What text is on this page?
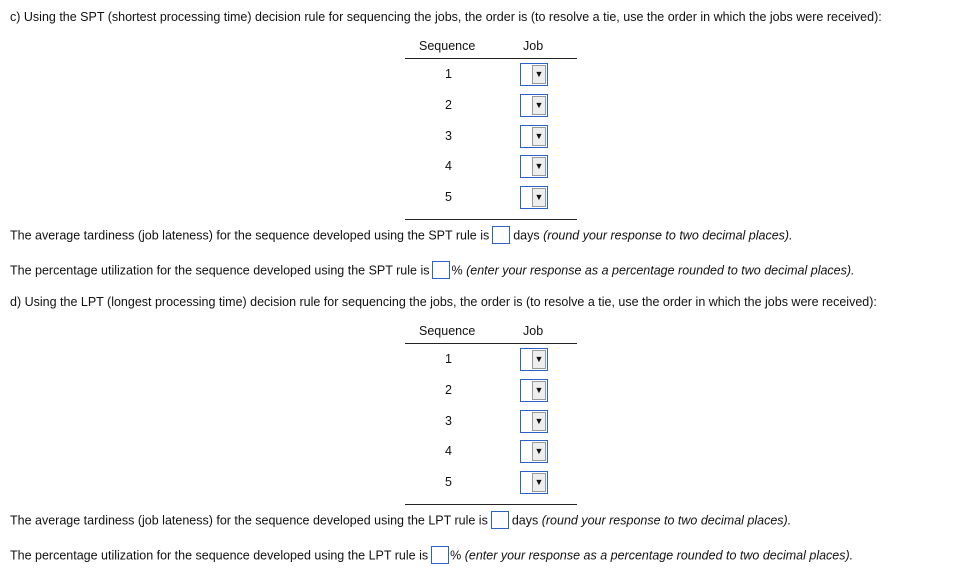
c) Using the SPT (shortest processing time) decision rule for sequencing the jobs, the order is (to resolve a tie, use the order in which the jobs were received):
Sequence	Job
1	▼
2	▼
3	▼
4	▼
5	▼
The average tardiness (job lateness) for the sequence developed using the SPT rule is days (round your response to two decimal places).
The percentage utilization for the sequence developed using the SPT rule is % (enter your response as a percentage rounded to two decimal places).
d) Using the LPT (longest processing time) decision rule for sequencing the jobs, the order is (to resolve a tie, use the order in which the jobs were received):
Sequence	Job
1	▼
2	▼
3	▼
4	▼
5	▼
The average tardiness (job lateness) for the sequence developed using the LPT rule is days (round your response to two decimal places).
The percentage utilization for the sequence developed using the LPT rule is % (enter your response as a percentage rounded to two decimal places).
